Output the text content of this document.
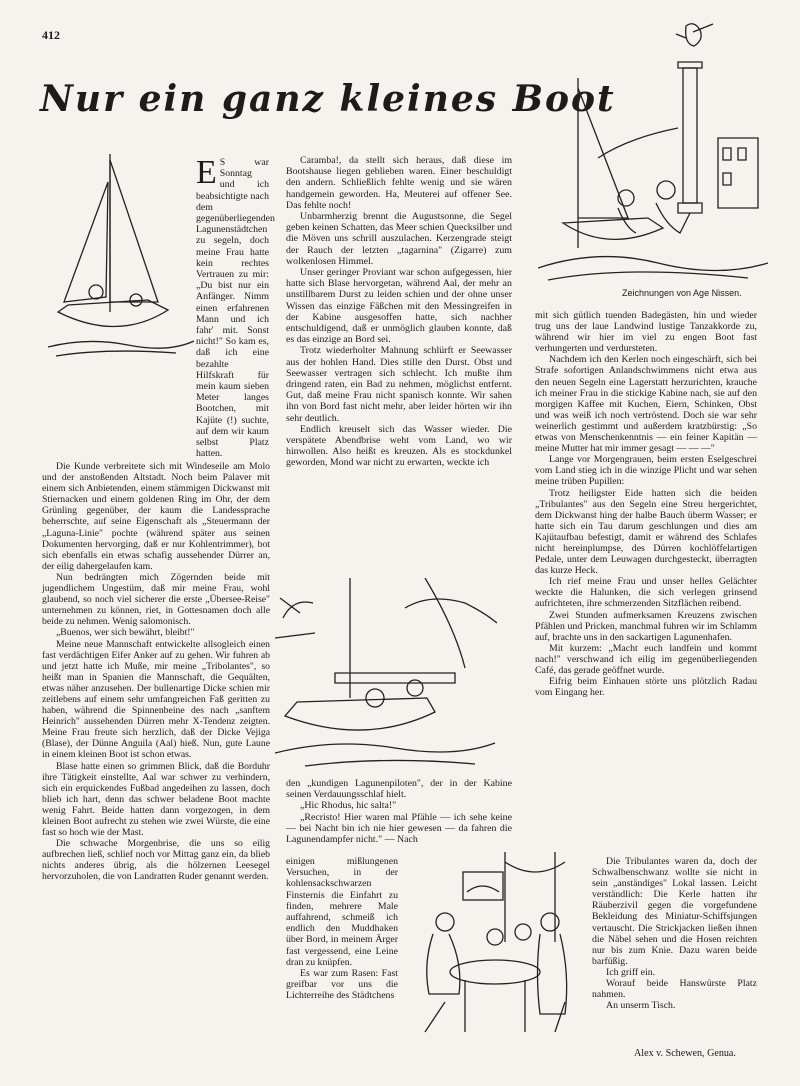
412
Nur ein ganz kleines Boot
Zeichnungen von Age Nissen.
E S war Sonntag und ich beabsichtigte nach dem gegenüberliegenden Lagunenstädtchen zu segeln, doch meine Frau hatte kein rechtes Vertrauen zu mir: „Du bist nur ein Anfänger. Nimm einen erfahrenen Mann und ich fahr' mit. Sonst nicht!" So kam es, daß ich eine bezahlte Hilfskraft für mein kaum sieben Meter langes Bootchen, mit Kajüte (!) suchte, auf dem wir kaum selbst Platz hatten.

Die Kunde verbreitete sich mit Windeseile am Molo und der anstoßenden Altstadt. Noch beim Palaver mit einem sich Anbietenden, einem stämmigen Dickwanst mit Stiernacken und einem goldenen Ring im Ohr, der dem Grünling gegenüber, der kaum die Landessprache beherrschte, auf seine Eigenschaft als „Steuermann der „Laguna-Linie" pochte (während später aus seinen Dokumenten hervorging, daß er nur Kohlentrimmer), bot sich ebenfalls ein etwas schafig aussehender Dürrer an, der eilig dahergelaufen kam.

Nun bedrängten mich Zögernden beide mit jugendlichem Ungestüm, daß mir meine Frau, wohl glaubend, so noch viel sicherer die erste „Übersee-Reise" unternehmen zu können, riet, in Gottesnamen doch alle beide zu nehmen. Wenig salomonisch.

„Buenos, wer sich bewährt, bleibt!"

Meine neue Mannschaft entwickelte allsogleich einen fast verdächtigen Eifer Anker auf zu gehen. Wir fuhren ab und jetzt hatte ich Muße, mir meine „Tribolantes", so heißt man in Spanien die Mannschaft, die Gequälten, etwas näher anzusehen. Der bullenartige Dicke schien mir zeitlebens auf einem sehr umfangreichen Faß geritten zu haben, während die Spinnenbeine des nach „sanftem Heinrich" aussehenden Dürren mehr X-Tendenz zeigten. Meine Frau freute sich herzlich, daß der Dicke Vejiga (Blase), der Dünne Anguila (Aal) hieß. Nun, gute Laune in einem kleinen Boot ist schon etwas.

Blase hatte einen so grimmen Blick, daß die Borduhr ihre Tätigkeit einstellte, Aal war schwer zu verhindern, sich ein erquickendes Fußbad angedeihen zu lassen, doch blieb ich hart, denn das schwer beladene Boot machte wenig Fahrt. Beide hatten dann vorgezogen, in dem kleinen Boot aufrecht zu stehen wie zwei Würste, die eine fast so hoch wie der Mast.

Die schwache Morgenbrise, die uns so eilig aufbrechen ließ, schlief noch vor Mittag ganz ein, da blieb nichts anderes übrig, als die hölzernen Leesegel hervorzuholen, die von Landratten Ruder genannt werden.

Caramba!, da stellt sich heraus, daß diese im Bootshause liegen geblieben waren. Einer beschuldigt den andern. Schließlich fehlte wenig und sie wären handgemein geworden. Ha, Meuterei auf offener See. Das fehlte noch!

Unbarmherzig brennt die Augustsonne, die Segel geben keinen Schatten, das Meer schien Quecksilber und die Möven uns schrill auszulachen. Kerzengrade steigt der Rauch der letzten „tagarnina" (Zigarre) zum wolkenlosen Himmel.

Unser geringer Proviant war schon aufgegessen, hier hatte sich Blase hervorgetan, während Aal, der mehr an unstillbarem Durst zu leiden schien und der ohne unser Wissen das einzige Fäßchen mit den Messingreifen in der Kabine ausgesoffen hatte, sich nachher entschuldigend, daß er unmöglich glauben konnte, daß es das einzige an Bord sei.

Trotz wiederholter Mahnung schlürft er Seewasser aus der hohlen Hand. Dies stille den Durst. Obst und Seewasser vertragen sich schlecht. Ich mußte ihm dringend raten, ein Bad zu nehmen, möglichst entfernt. Gut, daß meine Frau nicht spanisch konnte. Wir sahen ihn von Bord fast nicht mehr, aber leider hörten wir ihn sehr deutlich.

Endlich kreuselt sich das Wasser wieder. Die verspätete Abendbrise weht vom Land, wo wir hinwollen. Also heißt es kreuzen. Als es stockdunkel geworden, Mond war nicht zu erwarten, weckte ich

den „kundigen Lagunenpiloten", der in der Kabine seinen Verdauungsschlaf hielt.

„Hic Rhodus, hic salta!"

„Recristo! Hier waren mal Pfähle — ich sehe keine — bei Nacht bin ich nie hier gewesen — da fahren die Lagunendampfer nicht." — Nach

einigen mißlungenen Versuchen, in der kohlensackschwarzen Finsternis die Einfahrt zu finden, mehrere Male auffahrend, schmeiß ich endlich den Muddhaken über Bord, in meinem Ärger fast vergessend, eine Leine dran zu knüpfen.

Es war zum Rasen: Fast greifbar vor uns die Lichterreihe des Städtchens

mit sich gütlich tuenden Badegästen, hin und wieder trug uns der laue Landwind lustige Tanzakkorde zu, während wir hier im viel zu engen Boot fast verhungerten und verdursteten.

Nachdem ich den Kerlen noch eingeschärft, sich bei Strafe sofortigen Anlandschwimmens nicht etwa aus den neuen Segeln eine Lagerstatt herzurichten, krauche ich meiner Frau in die stickige Kabine nach, sie auf den morgigen Kaffee mit Kuchen, Eiern, Schinken, Obst und was weiß ich noch vertröstend. Doch sie war sehr weinerlich gestimmt und außerdem kratzbürstig: „So etwas von Menschenkenntnis — ein feiner Kapitän — meine Mutter hat mir immer gesagt — — —"

Lange vor Morgengrauen, beim ersten Eselgeschrei vom Land stieg ich in die winzige Plicht und war sehen meine trüben Pupillen:

Trotz heiligster Eide hatten sich die beiden „Tribulantes" aus den Segeln eine Streu hergerichtet, dem Dickwanst hing der halbe Bauch überm Wasser; er hatte sich ein Tau darum geschlungen und dies am Kajütaufbau befestigt, damit er während des Schlafes nicht hereinplumpse, des Dürren kochlöffelartigen Pedale, unter dem Leuwagen durchgesteckt, überragten das kurze Heck.

Ich rief meine Frau und unser helles Gelächter weckte die Halunken, die sich verlegen grinsend aufrichteten, ihre schmerzenden Sitzflächen reibend.

Zwei Stunden aufmerksamen Kreuzens zwischen Pfählen und Pricken, manchmal fuhren wir im Schlamm auf, brachte uns in den sackartigen Lagunenhafen.

Mit kurzem: „Macht euch landfein und kommt nach!" verschwand ich eilig im gegenüberliegenden Café, das gerade geöffnet wurde.

Eifrig beim Einhauen störte uns plötzlich Radau vom Eingang her.

Die Tribulantes waren da, doch der Schwalbenschwanz wollte sie nicht in sein „anständiges" Lokal lassen. Leicht verständlich: Die Kerle hatten ihr Räuberzivil gegen die vorgefundene Bekleidung des Miniatur-Schiffsjungen vertauscht. Die Strickjacken ließen ihnen die Näbel sehen und die Hosen reichten nur bis zum Knie. Dazu waren beide barfüßig.

Ich griff ein.

Worauf beide Hanswürste Platz nahmen.

An unserm Tisch.

Alex v. Schewen, Genua.
